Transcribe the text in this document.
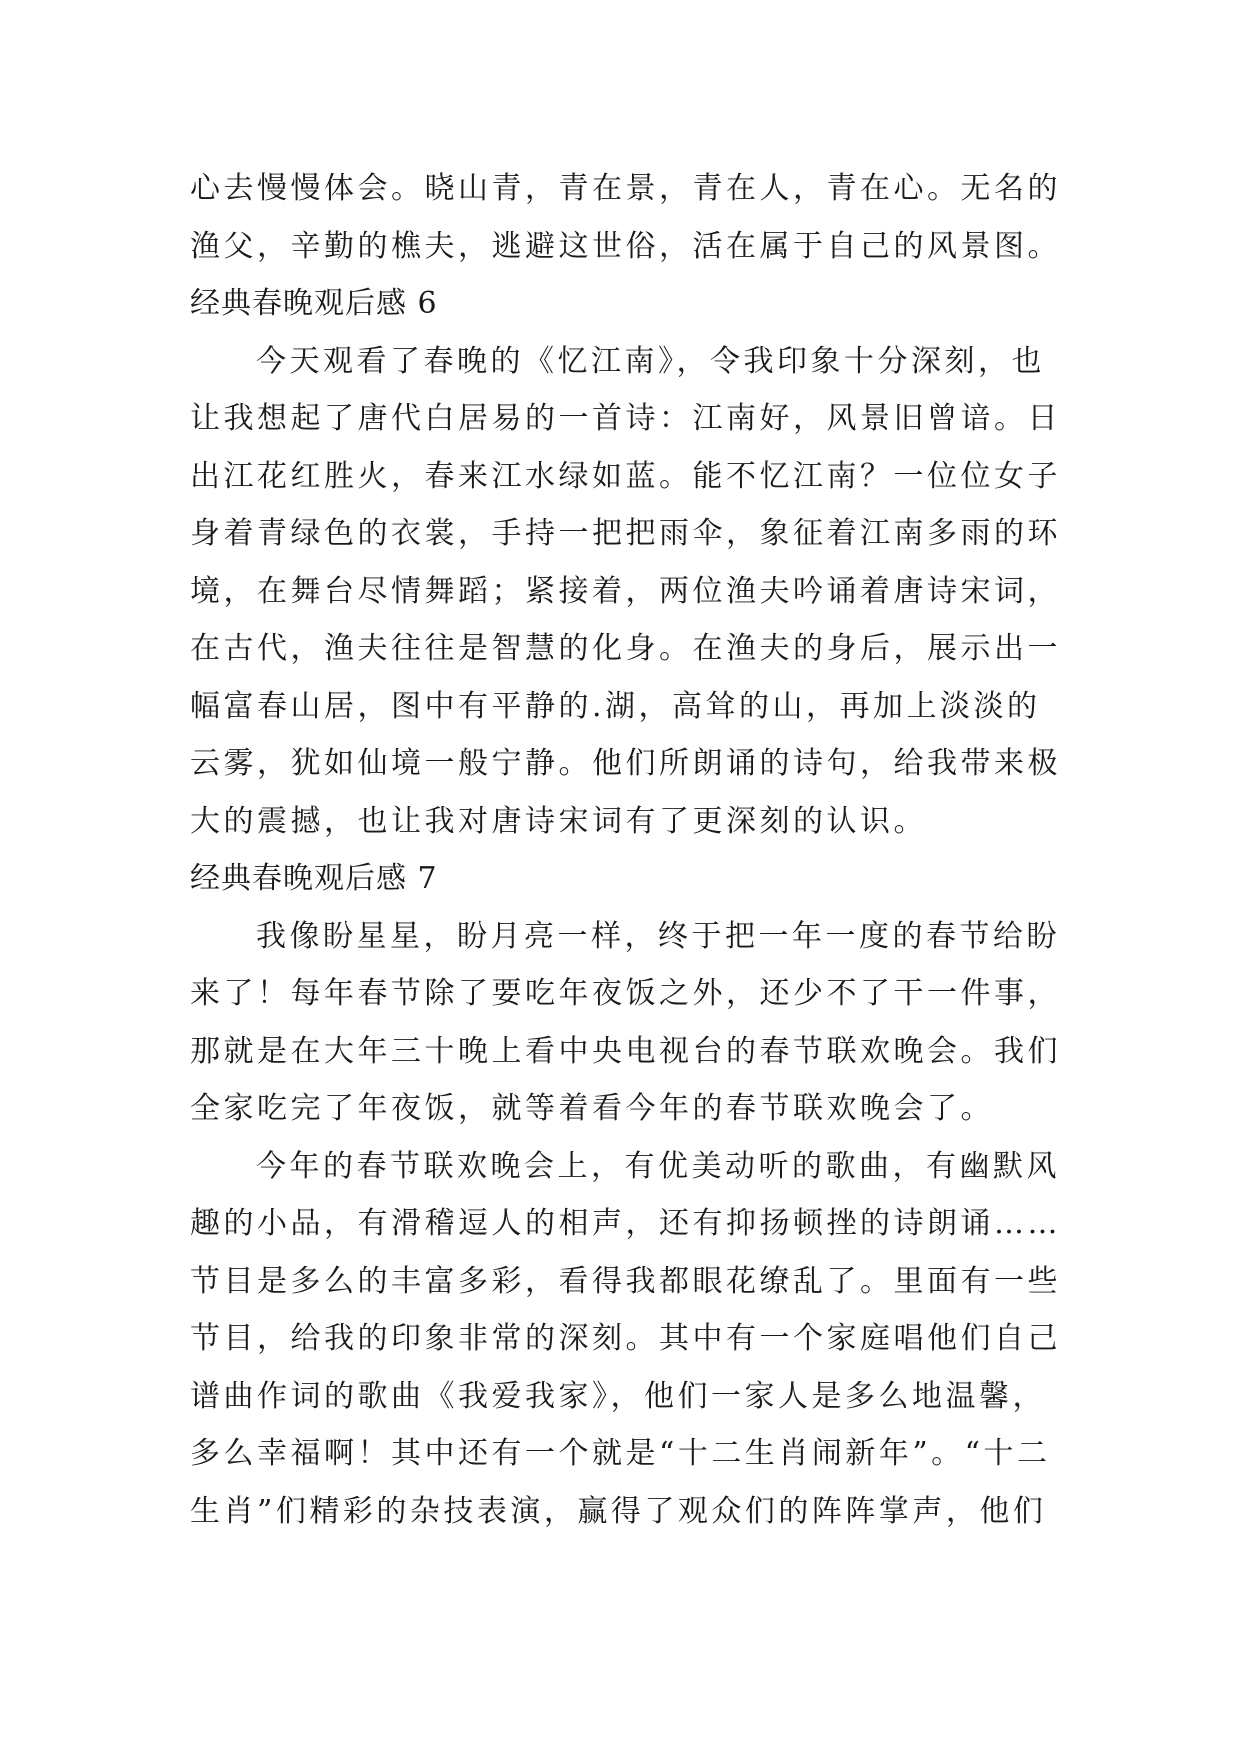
心去慢慢体会。晓山青，青在景，青在人，青在心。无名的
渔父，辛勤的樵夫，逃避这世俗，活在属于自己的风景图。
经典春晚观后感 6
今天观看了春晚的《忆江南》，令我印象十分深刻，也
让我想起了唐代白居易的一首诗：江南好，风景旧曾谙。日
出江花红胜火，春来江水绿如蓝。能不忆江南？一位位女子
身着青绿色的衣裳，手持一把把雨伞，象征着江南多雨的环
境，在舞台尽情舞蹈；紧接着，两位渔夫吟诵着唐诗宋词，
在古代，渔夫往往是智慧的化身。在渔夫的身后，展示出一
幅富春山居，图中有平静的.湖，高耸的山，再加上淡淡的
云雾，犹如仙境一般宁静。他们所朗诵的诗句，给我带来极
大的震撼，也让我对唐诗宋词有了更深刻的认识。
经典春晚观后感 7
我像盼星星，盼月亮一样，终于把一年一度的春节给盼
来了！每年春节除了要吃年夜饭之外，还少不了干一件事，
那就是在大年三十晚上看中央电视台的春节联欢晚会。我们
全家吃完了年夜饭，就等着看今年的春节联欢晚会了。
今年的春节联欢晚会上，有优美动听的歌曲，有幽默风
趣的小品，有滑稽逗人的相声，还有抑扬顿挫的诗朗诵……
节目是多么的丰富多彩，看得我都眼花缭乱了。里面有一些
节目，给我的印象非常的深刻。其中有一个家庭唱他们自己
谱曲作词的歌曲《我爱我家》，他们一家人是多么地温馨，
多么幸福啊！其中还有一个就是“十二生肖闹新年”。“十二
生肖”们精彩的杂技表演，赢得了观众们的阵阵掌声，他们
